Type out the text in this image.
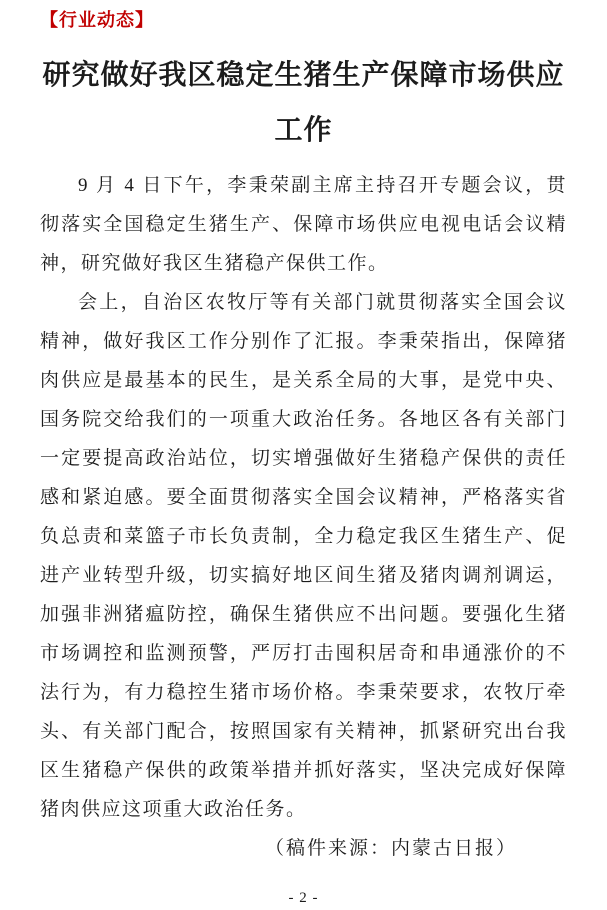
【行业动态】
研究做好我区稳定生猪生产保障市场供应
工作

9 月 4 日下午，李秉荣副主席主持召开专题会议，贯彻落实全国稳定生猪生产、保障市场供应电视电话会议精神，研究做好我区生猪稳产保供工作。

会上，自治区农牧厅等有关部门就贯彻落实全国会议精神，做好我区工作分别作了汇报。李秉荣指出，保障猪肉供应是最基本的民生，是关系全局的大事，是党中央、国务院交给我们的一项重大政治任务。各地区各有关部门一定要提高政治站位，切实增强做好生猪稳产保供的责任感和紧迫感。要全面贯彻落实全国会议精神，严格落实省负总责和菜篮子市长负责制，全力稳定我区生猪生产、促进产业转型升级，切实搞好地区间生猪及猪肉调剂调运，加强非洲猪瘟防控，确保生猪供应不出问题。要强化生猪市场调控和监测预警，严厉打击囤积居奇和串通涨价的不法行为，有力稳控生猪市场价格。李秉荣要求，农牧厅牵头、有关部门配合，按照国家有关精神，抓紧研究出台我区生猪稳产保供的政策举措并抓好落实，坚决完成好保障猪肉供应这项重大政治任务。

（稿件来源：内蒙古日报）
- 2 -
